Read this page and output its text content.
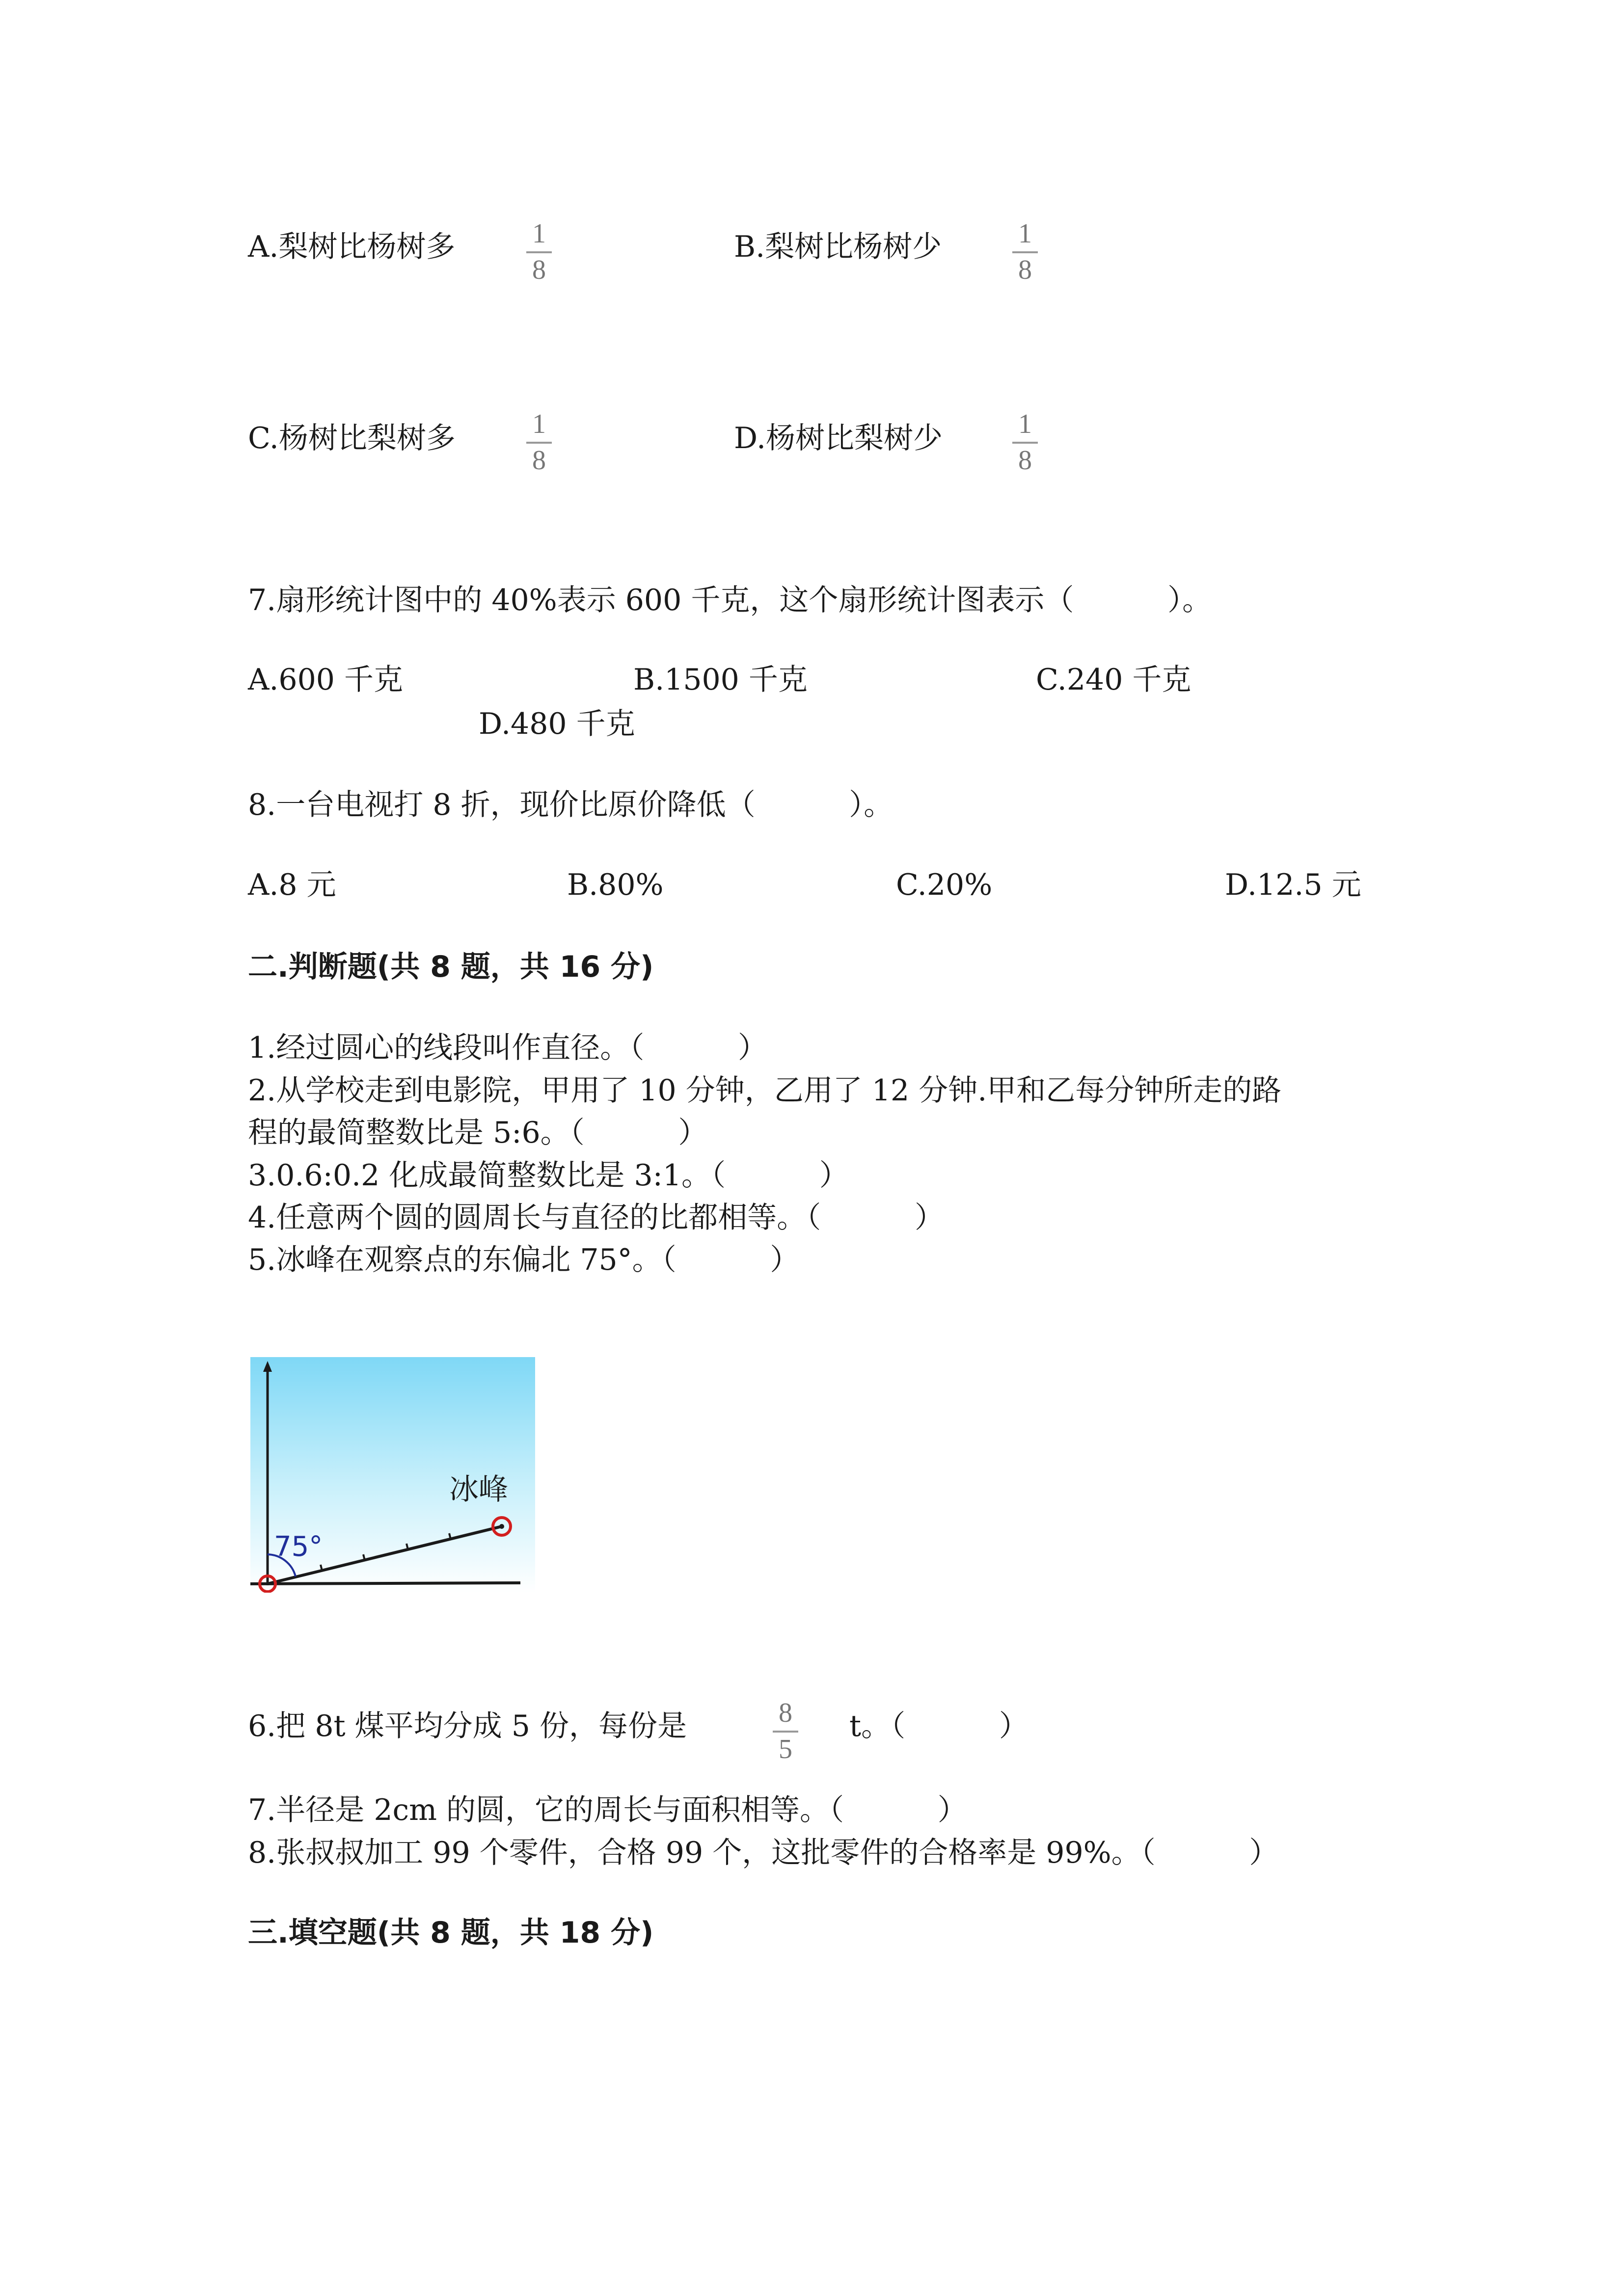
A.梨树比杨树多	1
8
B.梨树比杨树少	1
8
C.杨树比梨树多	1
8
D.杨树比梨树少	1
8
7.扇形统计图中的 40%表示 600 千克，这个扇形统计图表示（          ）。
A.600 千克	B.1500 千克	C.240 千克
D.480 千克
8.一台电视打 8 折，现价比原价降低（          ）。
A.8 元	B.80%	C.20%	D.12.5 元
二.判断题(共 8 题，共 16 分)
1.经过圆心的线段叫作直径。（          ）
2.从学校走到电影院，甲用了 10 分钟，乙用了 12 分钟.甲和乙每分钟所走的路
程的最简整数比是 5:6。（          ）
3.0.6:0.2 化成最简整数比是 3:1。（          ）
4.任意两个圆的圆周长与直径的比都相等。（          ）
5.冰峰在观察点的东偏北 75°。（          ）
75°
冰峰
6.把 8t 煤平均分成 5 份，每份是	8
5
t。（          ）
7.半径是 2cm 的圆，它的周长与面积相等。（          ）
8.张叔叔加工 99 个零件，合格 99 个，这批零件的合格率是 99%。（          ）
三.填空题(共 8 题，共 18 分)
